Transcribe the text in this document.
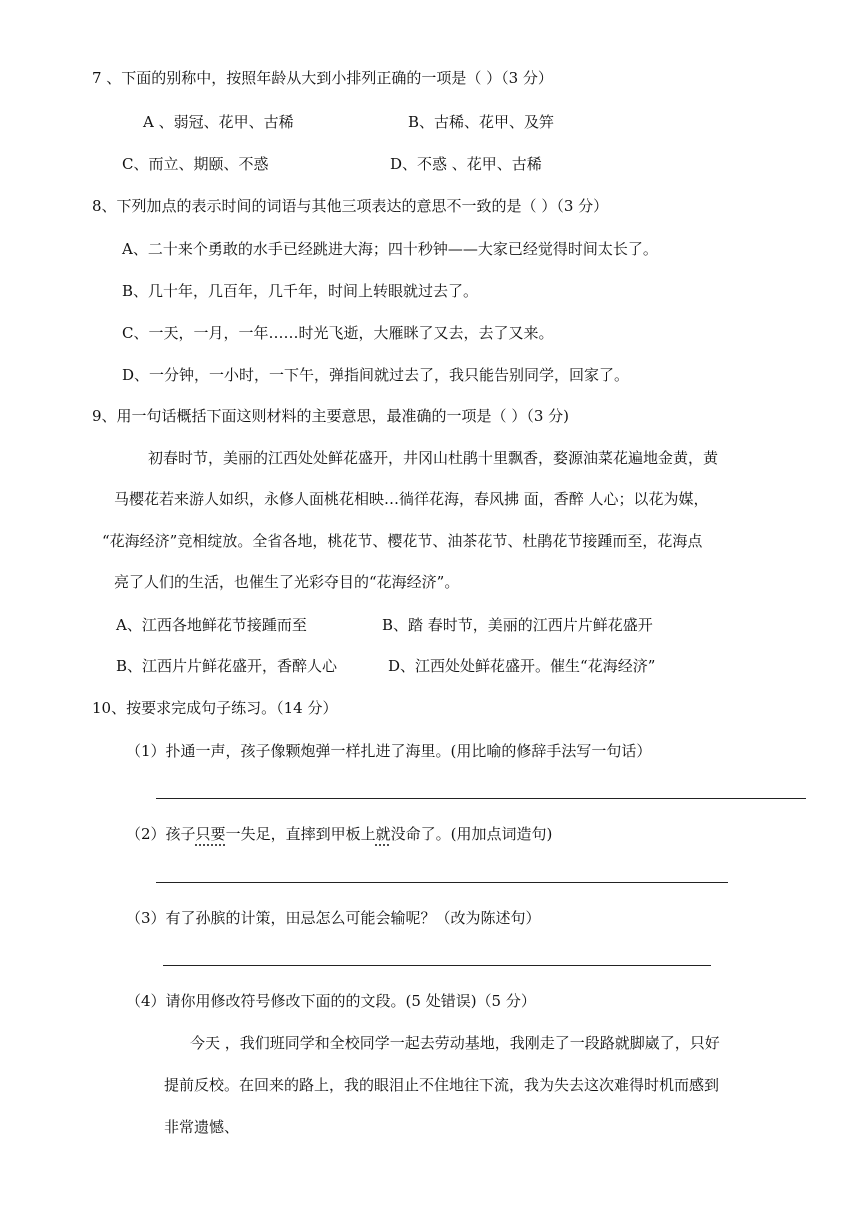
7 、下面的别称中，按照年龄从大到小排列正确的一项是（ ）（3 分）
A 、弱冠、花甲、古稀	B、古稀、花甲、及笄
C、而立、期颐、不惑	D、不惑 、花甲、古稀
8、下列加点的表示时间的词语与其他三项表达的意思不一致的是（ ）（3 分）
A、二十来个勇敢的水手已经跳进大海；四十秒钟——大家已经觉得时间太长了。
B、几十年，几百年，几千年，时间上转眼就过去了。
C、一天，一月，一年……时光飞逝，大雁眯了又去，去了又来。
D、一分钟，一小时，一下午，弹指间就过去了，我只能告别同学，回家了。
9、用一句话概括下面这则材料的主要意思，最准确的一项是（ ）（3 分)
初春时节，美丽的江西处处鲜花盛开，井冈山杜鹃十里飘香，婺源油菜花遍地金黄，黄
马樱花若来游人如织，永修人面桃花相映…徜徉花海，春风拂 面，香醉 人心；以花为媒，
“花海经济”竞相绽放。全省各地，桃花节、樱花节、油茶花节、杜鹃花节接踵而至，花海点
亮了人们的生活，也催生了光彩夺目的“花海经济”。
A、江西各地鲜花节接踵而至	B、踏 春时节，美丽的江西片片鲜花盛开
B、江西片片鲜花盛开，香醉人心	D、江西处处鲜花盛开。催生“花海经济”
10、按要求完成句子练习。（14 分）
（1）扑通一声，孩子像颗炮弹一样扎进了海里。(用比喻的修辞手法写一句话）
（2）孩子只要一失足，直摔到甲板上就没命了。(用加点词造句)
（3）有了孙膑的计策，田忌怎么可能会输呢？（改为陈述句）
（4）请你用修改符号修改下面的的文段。(5 处错误)（5 分）
今天 ，我们班同学和全校同学一起去劳动基地，我刚走了一段路就脚崴了，只好
提前反校。在回来的路上，我的眼泪止不住地往下流，我为失去这次难得时机而感到
非常遗憾、
